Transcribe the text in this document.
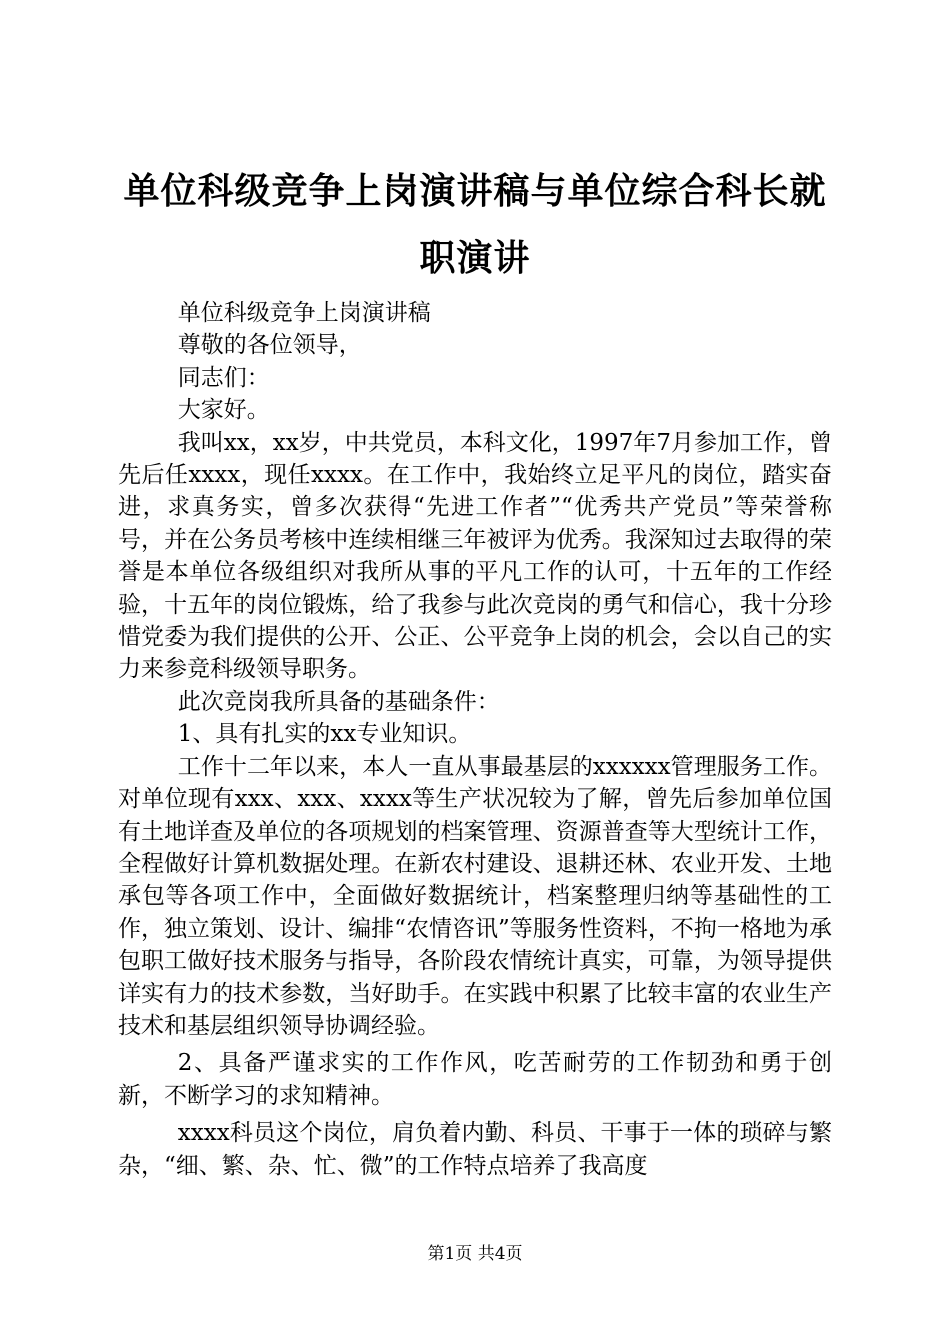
单位科级竞争上岗演讲稿与单位综合科长就职演讲

单位科级竞争上岗演讲稿

尊敬的各位领导，

同志们：

大家好。

我叫xx，xx岁，中共党员，本科文化，1997年7月参加工作，曾先后任xxxx，现任xxxx。在工作中，我始终立足平凡的岗位，踏实奋进，求真务实，曾多次获得“先进工作者”“优秀共产党员”等荣誉称号，并在公务员考核中连续相继三年被评为优秀。我深知过去取得的荣誉是本单位各级组织对我所从事的平凡工作的认可，十五年的工作经验，十五年的岗位锻炼，给了我参与此次竞岗的勇气和信心，我十分珍惜党委为我们提供的公开、公正、公平竞争上岗的机会，会以自己的实力来参竞科级领导职务。

此次竞岗我所具备的基础条件：

1、具有扎实的xx专业知识。

工作十二年以来，本人一直从事最基层的xxxxxx管理服务工作。对单位现有xxx、xxx、xxxx等生产状况较为了解，曾先后参加单位国有土地详查及单位的各项规划的档案管理、资源普查等大型统计工作，全程做好计算机数据处理。在新农村建设、退耕还林、农业开发、土地承包等各项工作中，全面做好数据统计，档案整理归纳等基础性的工作，独立策划、设计、编排“农情咨讯”等服务性资料，不拘一格地为承包职工做好技术服务与指导，各阶段农情统计真实，可靠，为领导提供详实有力的技术参数，当好助手。在实践中积累了比较丰富的农业生产技术和基层组织领导协调经验。

2、具备严谨求实的工作作风，吃苦耐劳的工作韧劲和勇于创新，不断学习的求知精神。

xxxx科员这个岗位，肩负着内勤、科员、干事于一体的琐碎与繁杂，“细、繁、杂、忙、微”的工作特点培养了我高度

第1页 共4页
